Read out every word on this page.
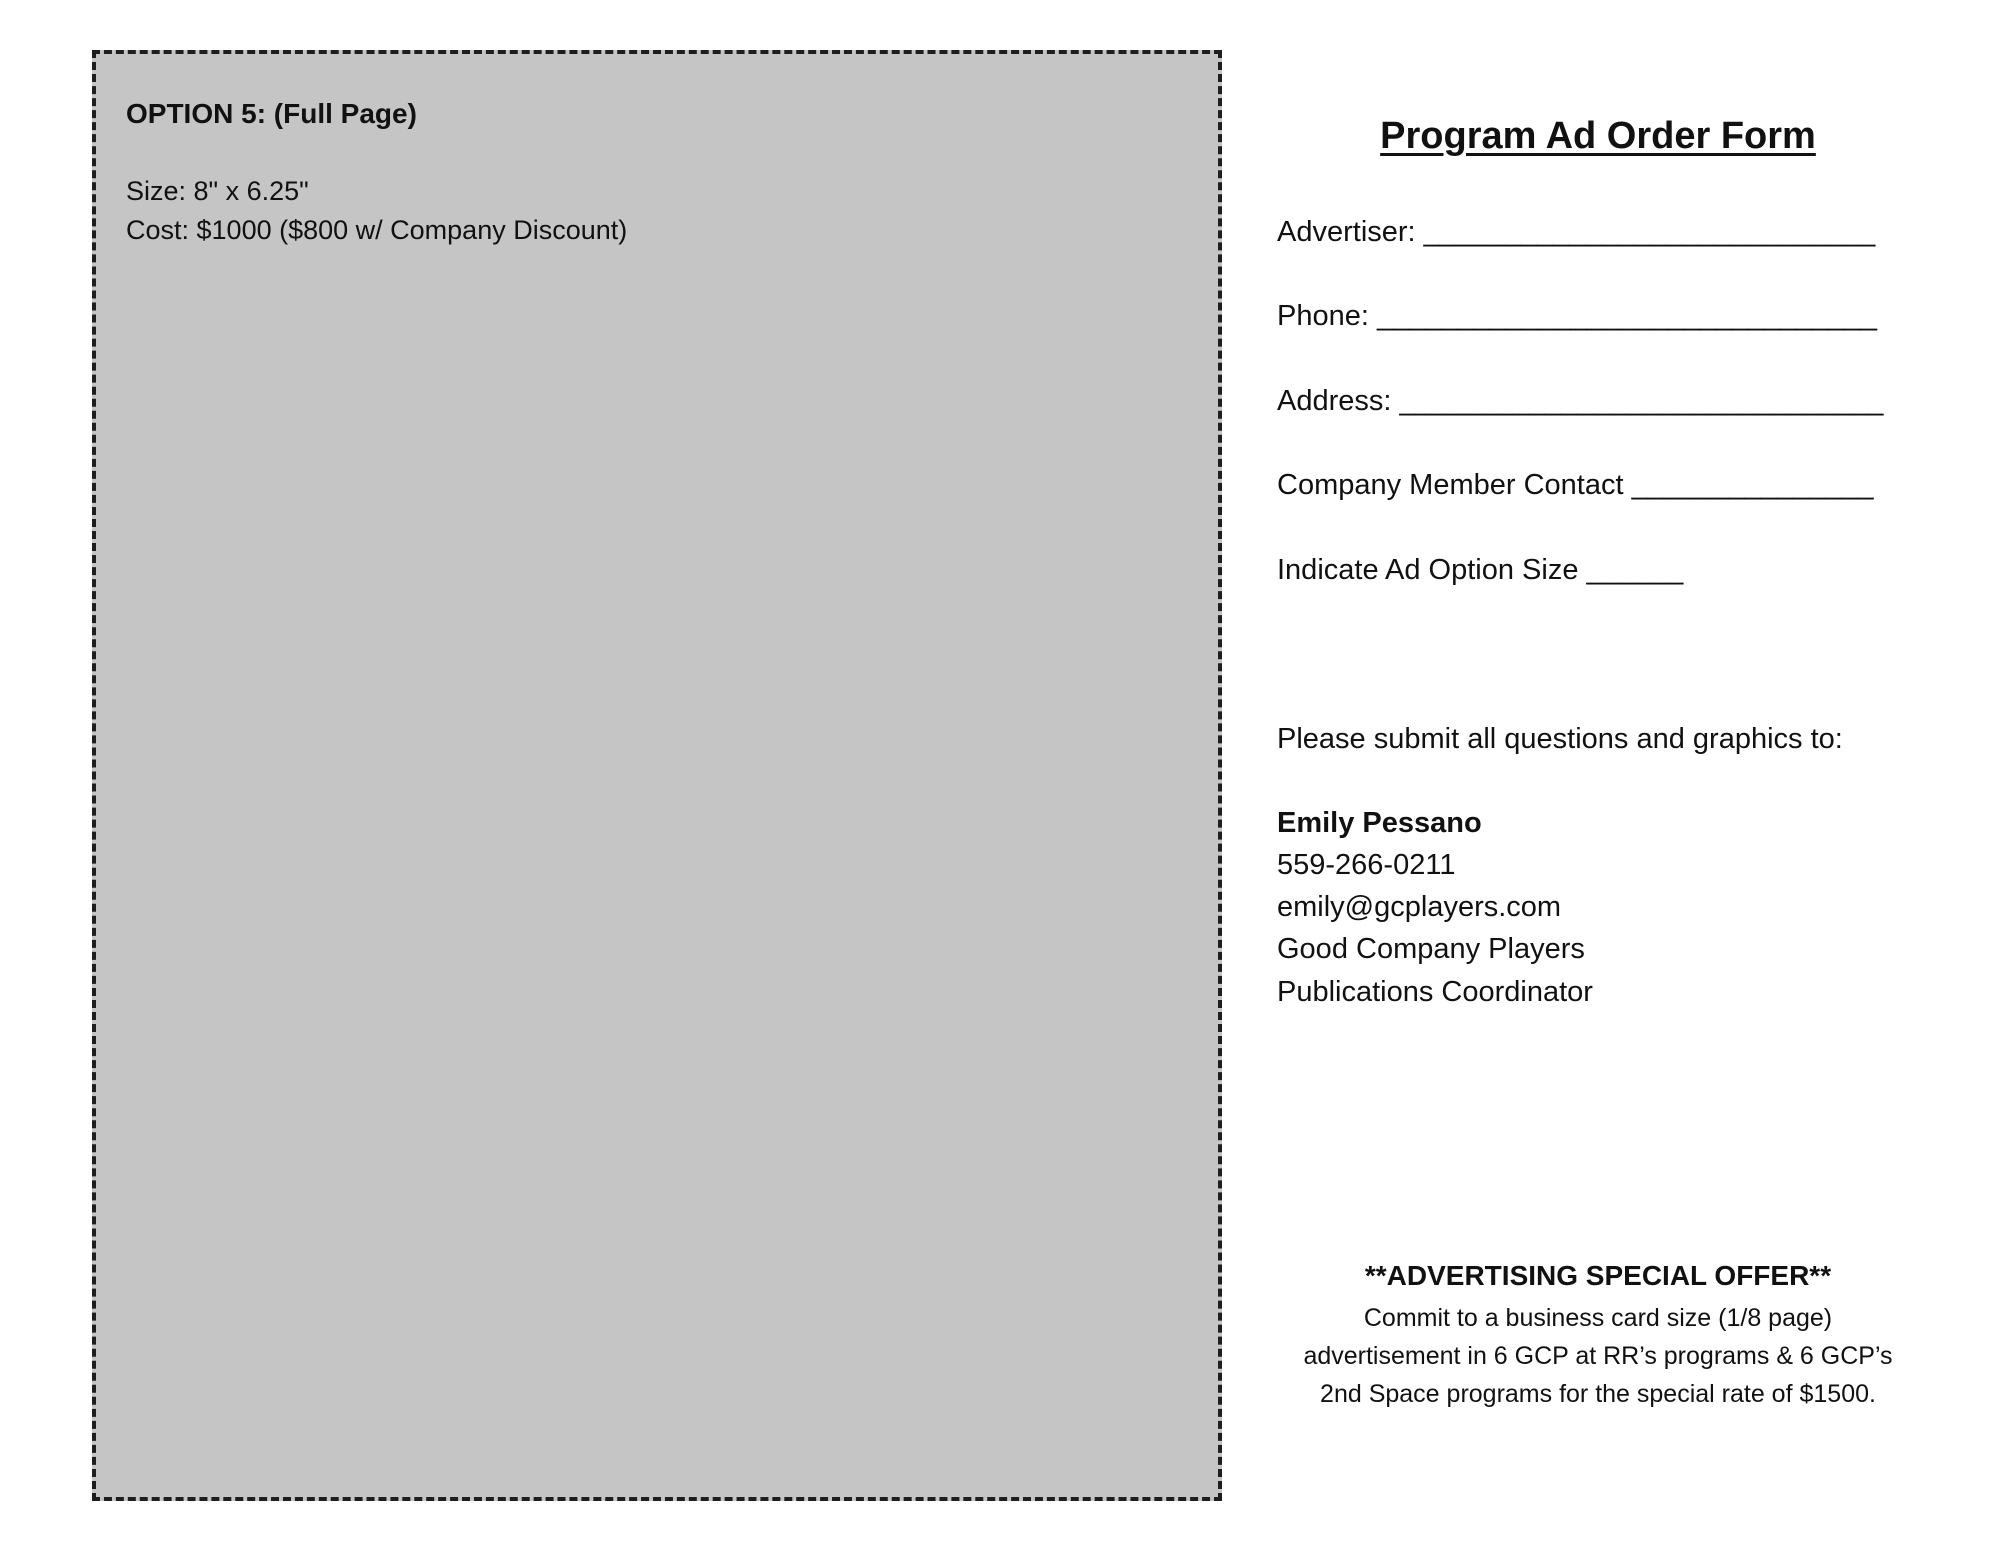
OPTION 5: (Full Page)
Size: 8" x 6.25"
Cost: $1000 ($800 w/ Company Discount)
Program Ad Order Form
Advertiser: ____________________________
Phone: _______________________________
Address: ______________________________
Company Member Contact _______________
Indicate Ad Option Size ______
Please submit all questions and graphics to:
Emily Pessano
559-266-0211
emily@gcplayers.com
Good Company Players
Publications Coordinator
**ADVERTISING SPECIAL OFFER**
Commit to a business card size (1/8 page)
advertisement in 6 GCP at RR’s programs & 6 GCP’s
2nd Space programs for the special rate of $1500.
